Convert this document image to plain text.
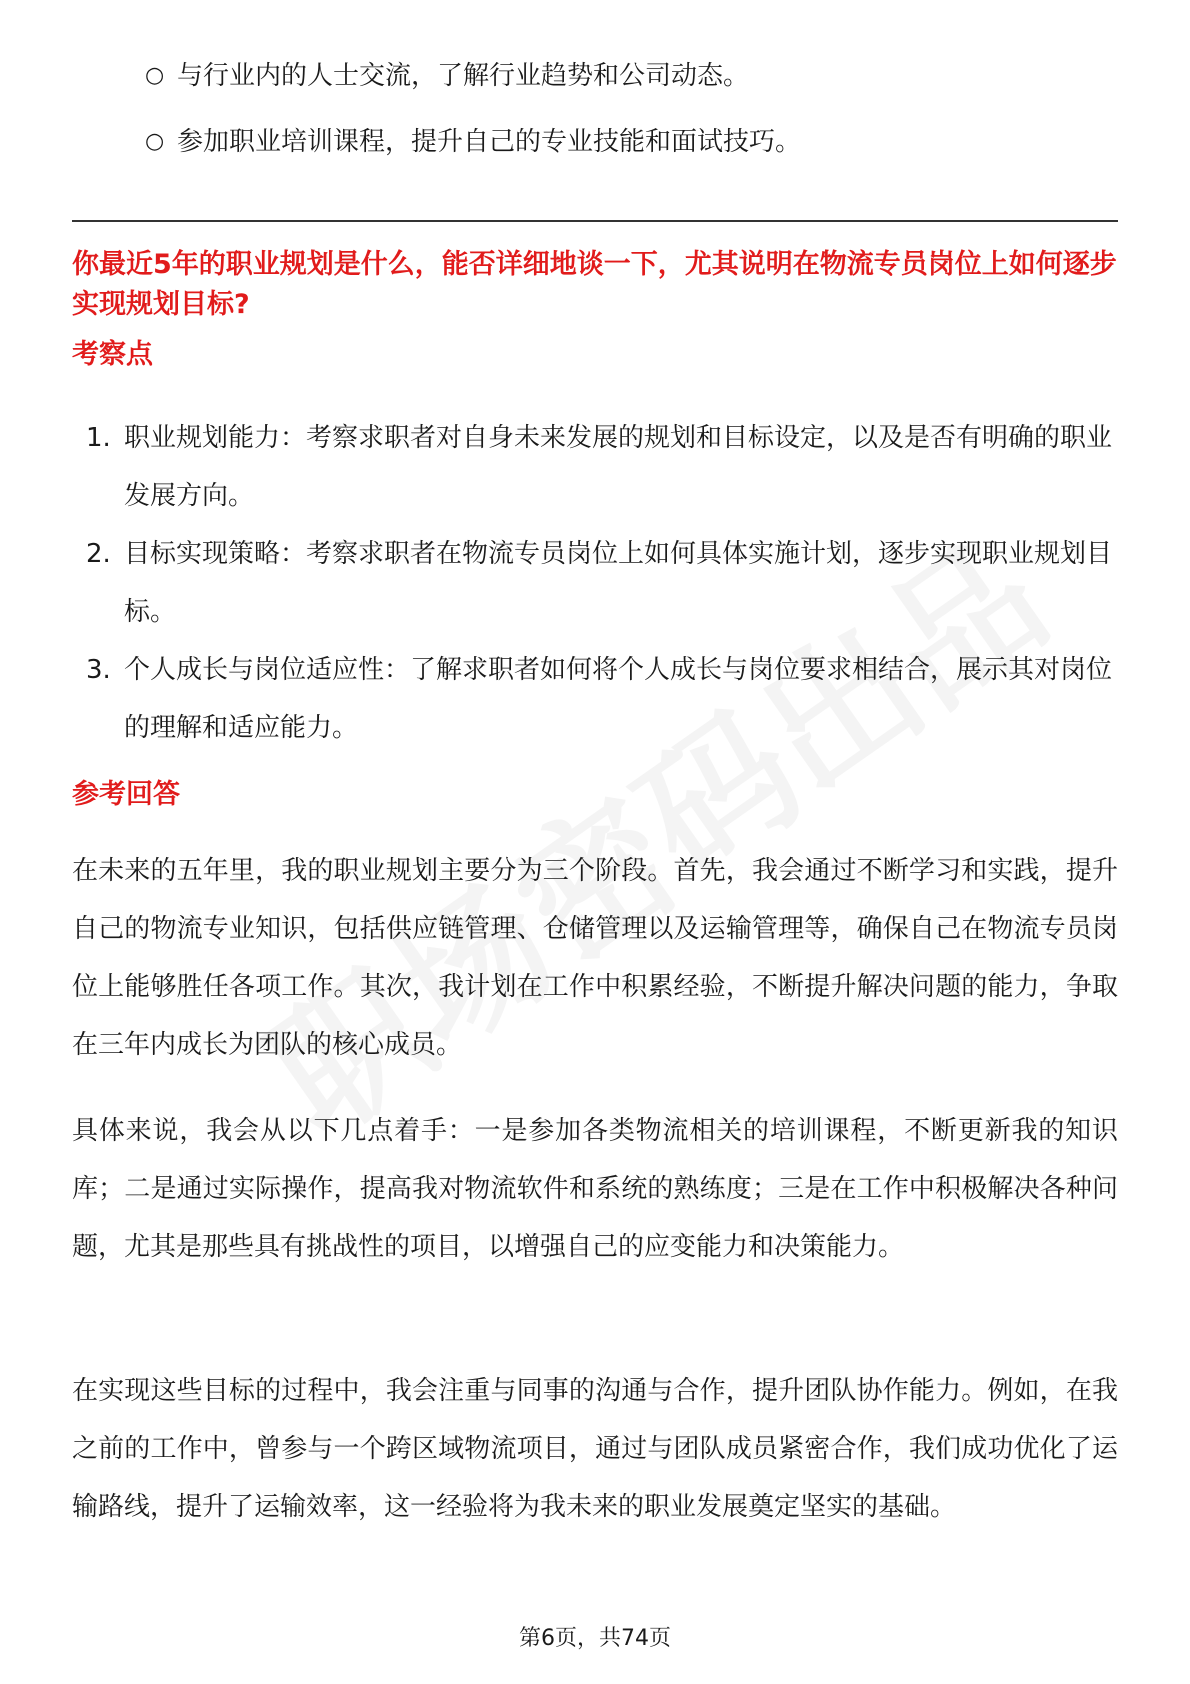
○ 与行业内的人士交流，了解行业趋势和公司动态。
○ 参加职业培训课程，提升自己的专业技能和面试技巧。
你最近5年的职业规划是什么，能否详细地谈一下，尤其说明在物流专员岗位上如何逐步实现规划目标?
考察点
1. 职业规划能力：考察求职者对自身未来发展的规划和目标设定，以及是否有明确的职业发展方向。
2. 目标实现策略：考察求职者在物流专员岗位上如何具体实施计划，逐步实现职业规划目标。
3. 个人成长与岗位适应性：了解求职者如何将个人成长与岗位要求相结合，展示其对岗位的理解和适应能力。
参考回答
在未来的五年里，我的职业规划主要分为三个阶段。首先，我会通过不断学习和实践，提升自己的物流专业知识，包括供应链管理、仓储管理以及运输管理等，确保自己在物流专员岗位上能够胜任各项工作。其次，我计划在工作中积累经验，不断提升解决问题的能力，争取在三年内成长为团队的核心成员。
具体来说，我会从以下几点着手：一是参加各类物流相关的培训课程，不断更新我的知识库；二是通过实际操作，提高我对物流软件和系统的熟练度；三是在工作中积极解决各种问题，尤其是那些具有挑战性的项目，以增强自己的应变能力和决策能力。
在实现这些目标的过程中，我会注重与同事的沟通与合作，提升团队协作能力。例如，在我之前的工作中，曾参与一个跨区域物流项目，通过与团队成员紧密合作，我们成功优化了运输路线，提升了运输效率，这一经验将为我未来的职业发展奠定坚实的基础。
第6页，共74页
